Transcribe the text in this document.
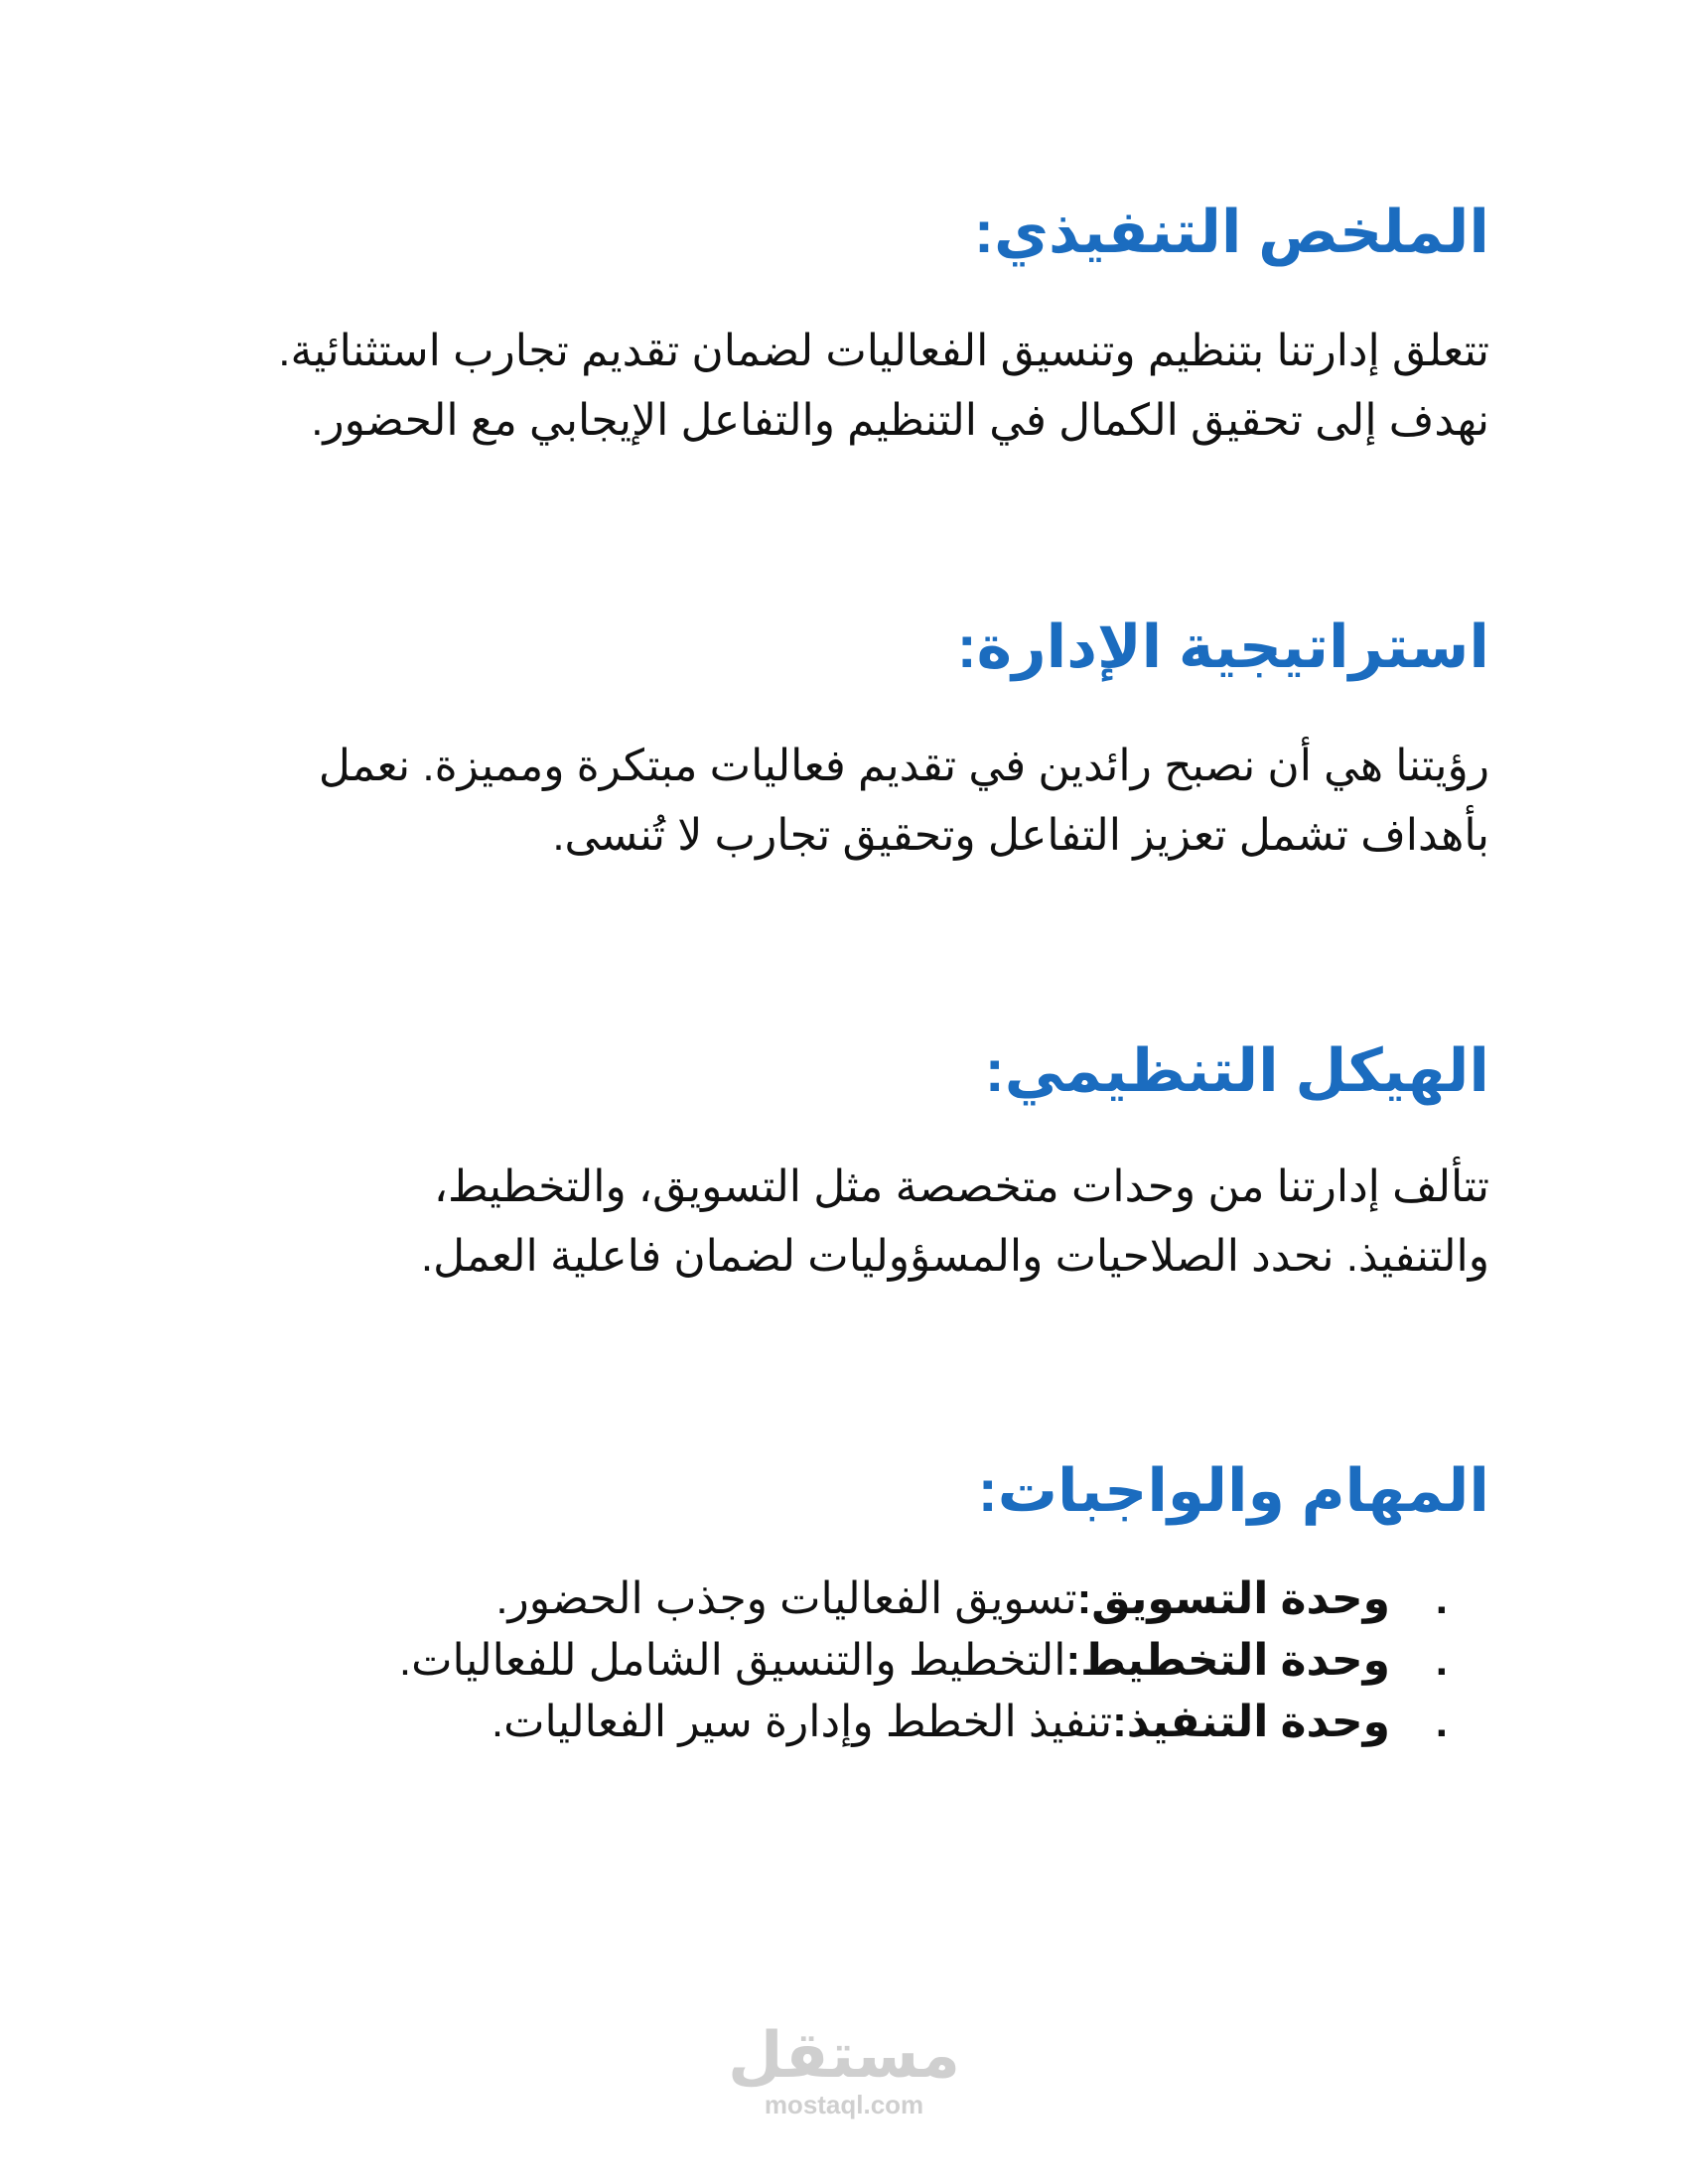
الملخص التنفيذي:

تتعلق إدارتنا بتنظيم وتنسيق الفعاليات لضمان تقديم تجارب استثنائية.
نهدف إلى تحقيق الكمال في التنظيم والتفاعل الإيجابي مع الحضور.

استراتيجية الإدارة:

رؤيتنا هي أن نصبح رائدين في تقديم فعاليات مبتكرة ومميزة. نعمل
بأهداف تشمل تعزيز التفاعل وتحقيق تجارب لا تُنسى.

الهيكل التنظيمي:

تتألف إدارتنا من وحدات متخصصة مثل التسويق، والتخطيط،
والتنفيذ. نحدد الصلاحيات والمسؤوليات لضمان فاعلية العمل.

المهام والواجبات:
.
وحدة التسويق:تسويق الفعاليات وجذب الحضور.
.
وحدة التخطيط:التخطيط والتنسيق الشامل للفعاليات.
.
وحدة التنفيذ:تنفيذ الخطط وإدارة سير الفعاليات.
مستقل
mostaql.com
